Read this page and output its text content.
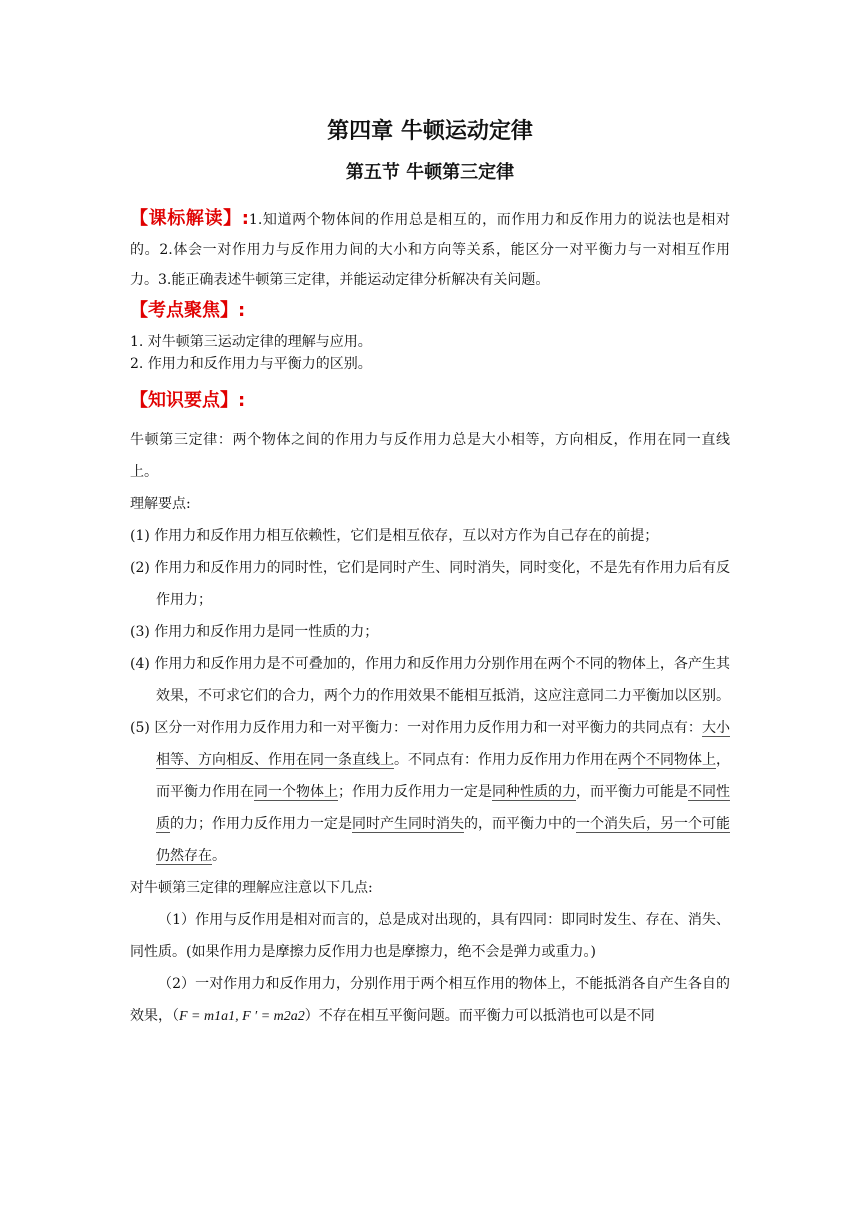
第四章 牛顿运动定律
第五节 牛顿第三定律
【课标解读】:1.知道两个物体间的作用总是相互的，而作用力和反作用力的说法也是相对的。2.体会一对作用力与反作用力间的大小和方向等关系，能区分一对平衡力与一对相互作用力。3.能正确表述牛顿第三定律，并能运动定律分析解决有关问题。
【考点聚焦】:

1. 对牛顿第三运动定律的理解与应用。

2. 作用力和反作用力与平衡力的区别。

【知识要点】:

牛顿第三定律：两个物体之间的作用力与反作用力总是大小相等，方向相反，作用在同一直线上。

理解要点:

(1) 作用力和反作用力相互依赖性，它们是相互依存，互以对方作为自己存在的前提；

(2) 作用力和反作用力的同时性，它们是同时产生、同时消失，同时变化，不是先有作用力后有反作用力；

(3) 作用力和反作用力是同一性质的力；

(4) 作用力和反作用力是不可叠加的，作用力和反作用力分别作用在两个不同的物体上，各产生其效果，不可求它们的合力，两个力的作用效果不能相互抵消，这应注意同二力平衡加以区别。

(5) 区分一对作用力反作用力和一对平衡力：一对作用力反作用力和一对平衡力的共同点有：大小相等、方向相反、作用在同一条直线上。不同点有：作用力反作用力作用在两个不同物体上，而平衡力作用在同一个物体上；作用力反作用力一定是同种性质的力，而平衡力可能是不同性质的力；作用力反作用力一定是同时产生同时消失的，而平衡力中的一个消失后，另一个可能仍然存在。

对牛顿第三定律的理解应注意以下几点:

（1）作用与反作用是相对而言的，总是成对出现的，具有四同：即同时发生、存在、消失、同性质。(如果作用力是摩擦力反作用力也是摩擦力，绝不会是弹力或重力。)

（2）一对作用力和反作用力，分别作用于两个相互作用的物体上，不能抵消各自产生各自的效果，（F = m1a1, F ′ = m2a2）不存在相互平衡问题。而平衡力可以抵消也可以是不同
